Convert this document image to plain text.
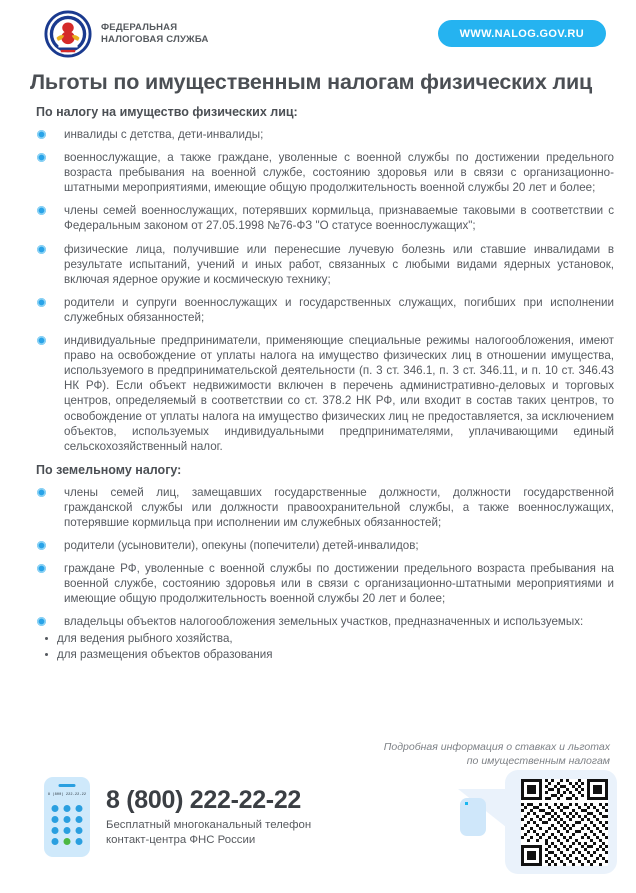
•
ФЕДЕРАЛЬНАЯ
НАЛОГОВАЯ СЛУЖБА	WWW.NALOG.GOV.RU
Льготы по имущественным налогам физических лиц
По налогу на имущество физических лиц:
инвалиды с детства, дети-инвалиды;
военнослужащие, а также граждане, уволенные с военной службы по достижении предельного возраста пребывания на военной службе, состоянию здоровья или в связи с организационно-штатными мероприятиями, имеющие общую продолжительность военной службы 20 лет и более;
члены семей военнослужащих, потерявших кормильца, признаваемые таковыми в соответствии с Федеральным законом от 27.05.1998 №76-ФЗ "О статусе военнослужащих";
физические лица, получившие или перенесшие лучевую болезнь или ставшие инвалидами в результате испытаний, учений и иных работ, связанных с любыми видами ядерных установок, включая ядерное оружие и космическую технику;
родители и супруги военнослужащих и государственных служащих, погибших при исполнении служебных обязанностей;
индивидуальные предприниматели, применяющие специальные режимы налогообложения, имеют право на освобождение от уплаты налога на имущество физических лиц в отношении имущества, используемого в предпринимательской деятельности (п. 3 ст. 346.1, п. 3 ст. 346.11, и п. 10 ст. 346.43 НК РФ). Если объект недвижимости включен в перечень административно-деловых и торговых центров, определяемый в соответствии со ст. 378.2 НК РФ, или входит в состав таких центров, то освобождение от уплаты налога на имущество физических лиц не предоставляется, за исключением объектов, используемых индивидуальными предпринимателями, уплачивающими единый сельскохозяйственный налог.
По земельному налогу:
члены семей лиц, замещавших государственные должности, должности государственной гражданской службы или должности правоохранительной службы, а также военнослужащих, потерявшие кормильца при исполнении им служебных обязанностей;
родители (усыновители), опекуны (попечители) детей-инвалидов;
граждане РФ, уволенные с военной службы по достижении предельного возраста пребывания на военной службе, состоянию здоровья или в связи с организационно-штатными мероприятиями и имеющие общую продолжительность военной службы 20 лет и более;
владельцы объектов налогообложения земельных участков, предназначенных и используемых:
для ведения рыбного хозяйства,
для размещения объектов образования
Подробная информация о ставках и льготах
по имущественным налогам
8 (800) 222-22-22 8 (800) 222-22-22
Бесплатный многоканальный телефон
контакт-центра ФНС России
